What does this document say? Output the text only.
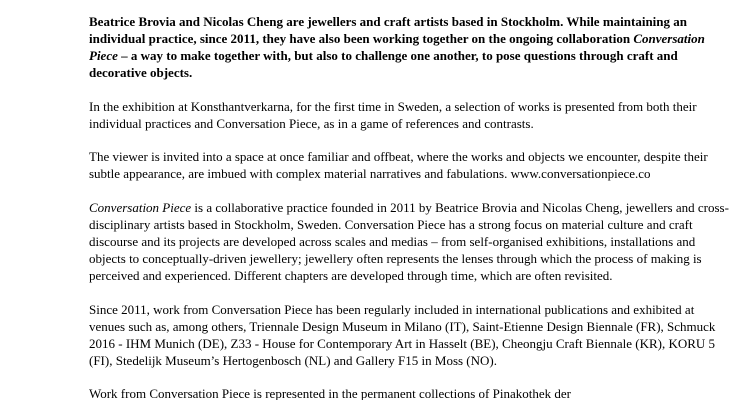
Beatrice Brovia and Nicolas Cheng are jewellers and craft artists based in Stockholm. While maintaining an individual practice, since 2011, they have also been working together on the ongoing collaboration Conversation Piece – a way to make together with, but also to challenge one another, to pose questions through craft and decorative objects.

In the exhibition at Konsthantverkarna, for the first time in Sweden, a selection of works is presented from both their individual practices and Conversation Piece, as in a game of references and contrasts.

The viewer is invited into a space at once familiar and offbeat, where the works and objects we encounter, despite their subtle appearance, are imbued with complex material narratives and fabulations. www.conversationpiece.co

Conversation Piece is a collaborative practice founded in 2011 by Beatrice Brovia and Nicolas Cheng, jewellers and cross-disciplinary artists based in Stockholm, Sweden. Conversation Piece has a strong focus on material culture and craft discourse and its projects are developed across scales and medias – from self-organised exhibitions, installations and objects to conceptually-driven jewellery; jewellery often represents the lenses through which the process of making is perceived and experienced. Different chapters are developed through time, which are often revisited.

Since 2011, work from Conversation Piece has been regularly included in international publications and exhibited at venues such as, among others, Triennale Design Museum in Milano (IT), Saint-Etienne Design Biennale (FR), Schmuck 2016 - IHM Munich (DE), Z33 - House for Contemporary Art in Hasselt (BE), Cheongju Craft Biennale (KR), KORU 5 (FI), Stedelijk Museum’s Hertogenbosch (NL) and Gallery F15 in Moss (NO).

Work from Conversation Piece is represented in the permanent collections of Pinakothek der
